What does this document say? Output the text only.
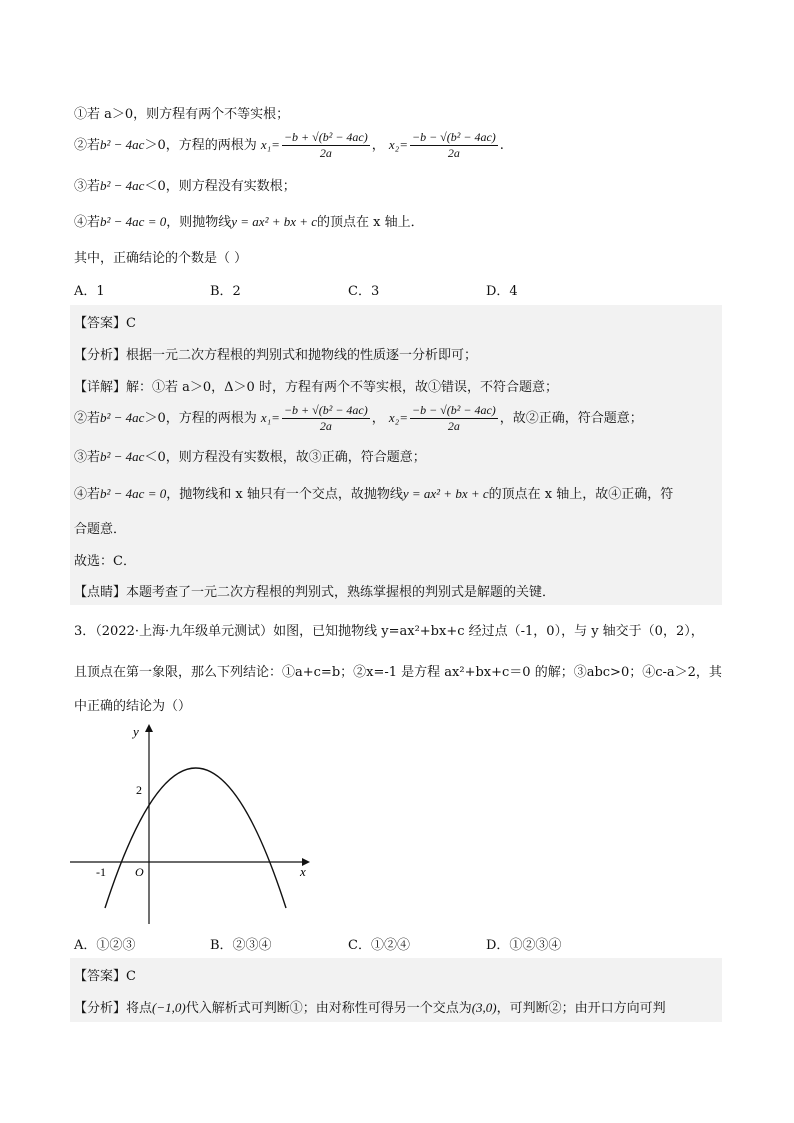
①若 a＞0，则方程有两个不等实根；
②若b² − 4ac＞0，方程的两根为 $x_1= \frac{\text{−b + √(b² − 4ac)}}{2a}$ ， $x_2= \frac{\text{−b − √(b² − 4ac)}}{2a}$ .
③若b² − 4ac＜0，则方程没有实数根；
④若b² − 4ac = 0，则抛物线y = ax² + bx + c的顶点在 x 轴上．
其中，正确结论的个数是（ ）
A．1	B．2	C．3	D．4
【答案】C
【分析】根据一元二次方程根的判别式和抛物线的性质逐一分析即可；
【详解】解：①若 a＞0，Δ＞0 时，方程有两个不等实根，故①错误，不符合题意；
②若b² − 4ac＞0，方程的两根为 $x_1= \frac{\text{−b + √(b² − 4ac)}}{2a}$ ， $x_2= \frac{\text{−b − √(b² − 4ac)}}{2a}$ ，故②正确，符合题意；
③若b² − 4ac＜0，则方程没有实数根，故③正确，符合题意；
④若b² − 4ac = 0，抛物线和 x 轴只有一个交点，故抛物线y = ax² + bx + c的顶点在 x 轴上，故④正确，符
合题意．
故选：C．
【点睛】本题考查了一元二次方程根的判别式，熟练掌握根的判别式是解题的关键．
3．（2022·上海·九年级单元测试）如图，已知抛物线 y=ax²+bx+c 经过点（-1，0），与 y 轴交于（0，2），
且顶点在第一象限，那么下列结论：①a+c=b；②x=-1 是方程 ax²+bx+c＝0 的解；③abc>0；④c-a＞2，其
中正确的结论为（）
y
x
O
2
-1
A．①②③	B．②③④	C．①②④	D．①②③④
【答案】C
【分析】将点(−1,0)代入解析式可判断①；由对称性可得另一个交点为(3,0)，可判断②；由开口方向可判
